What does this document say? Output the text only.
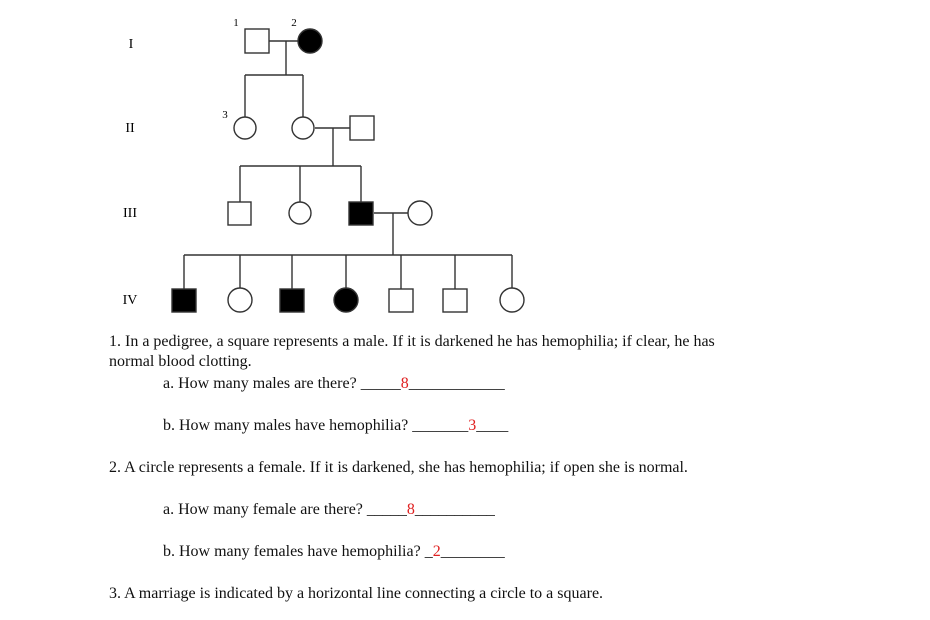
I
II
III
IV
1	2
3
1. In a pedigree, a square represents a male. If it is darkened he has hemophilia; if clear, he has
normal blood clotting.
a. How many males are there? _____8____________
b. How many males have hemophilia? _______3____
2. A circle represents a female. If it is darkened, she has hemophilia; if open she is normal.
a. How many female are there? _____8__________
b. How many females have hemophilia? _2________
3. A marriage is indicated by a horizontal line connecting a circle to a square.
